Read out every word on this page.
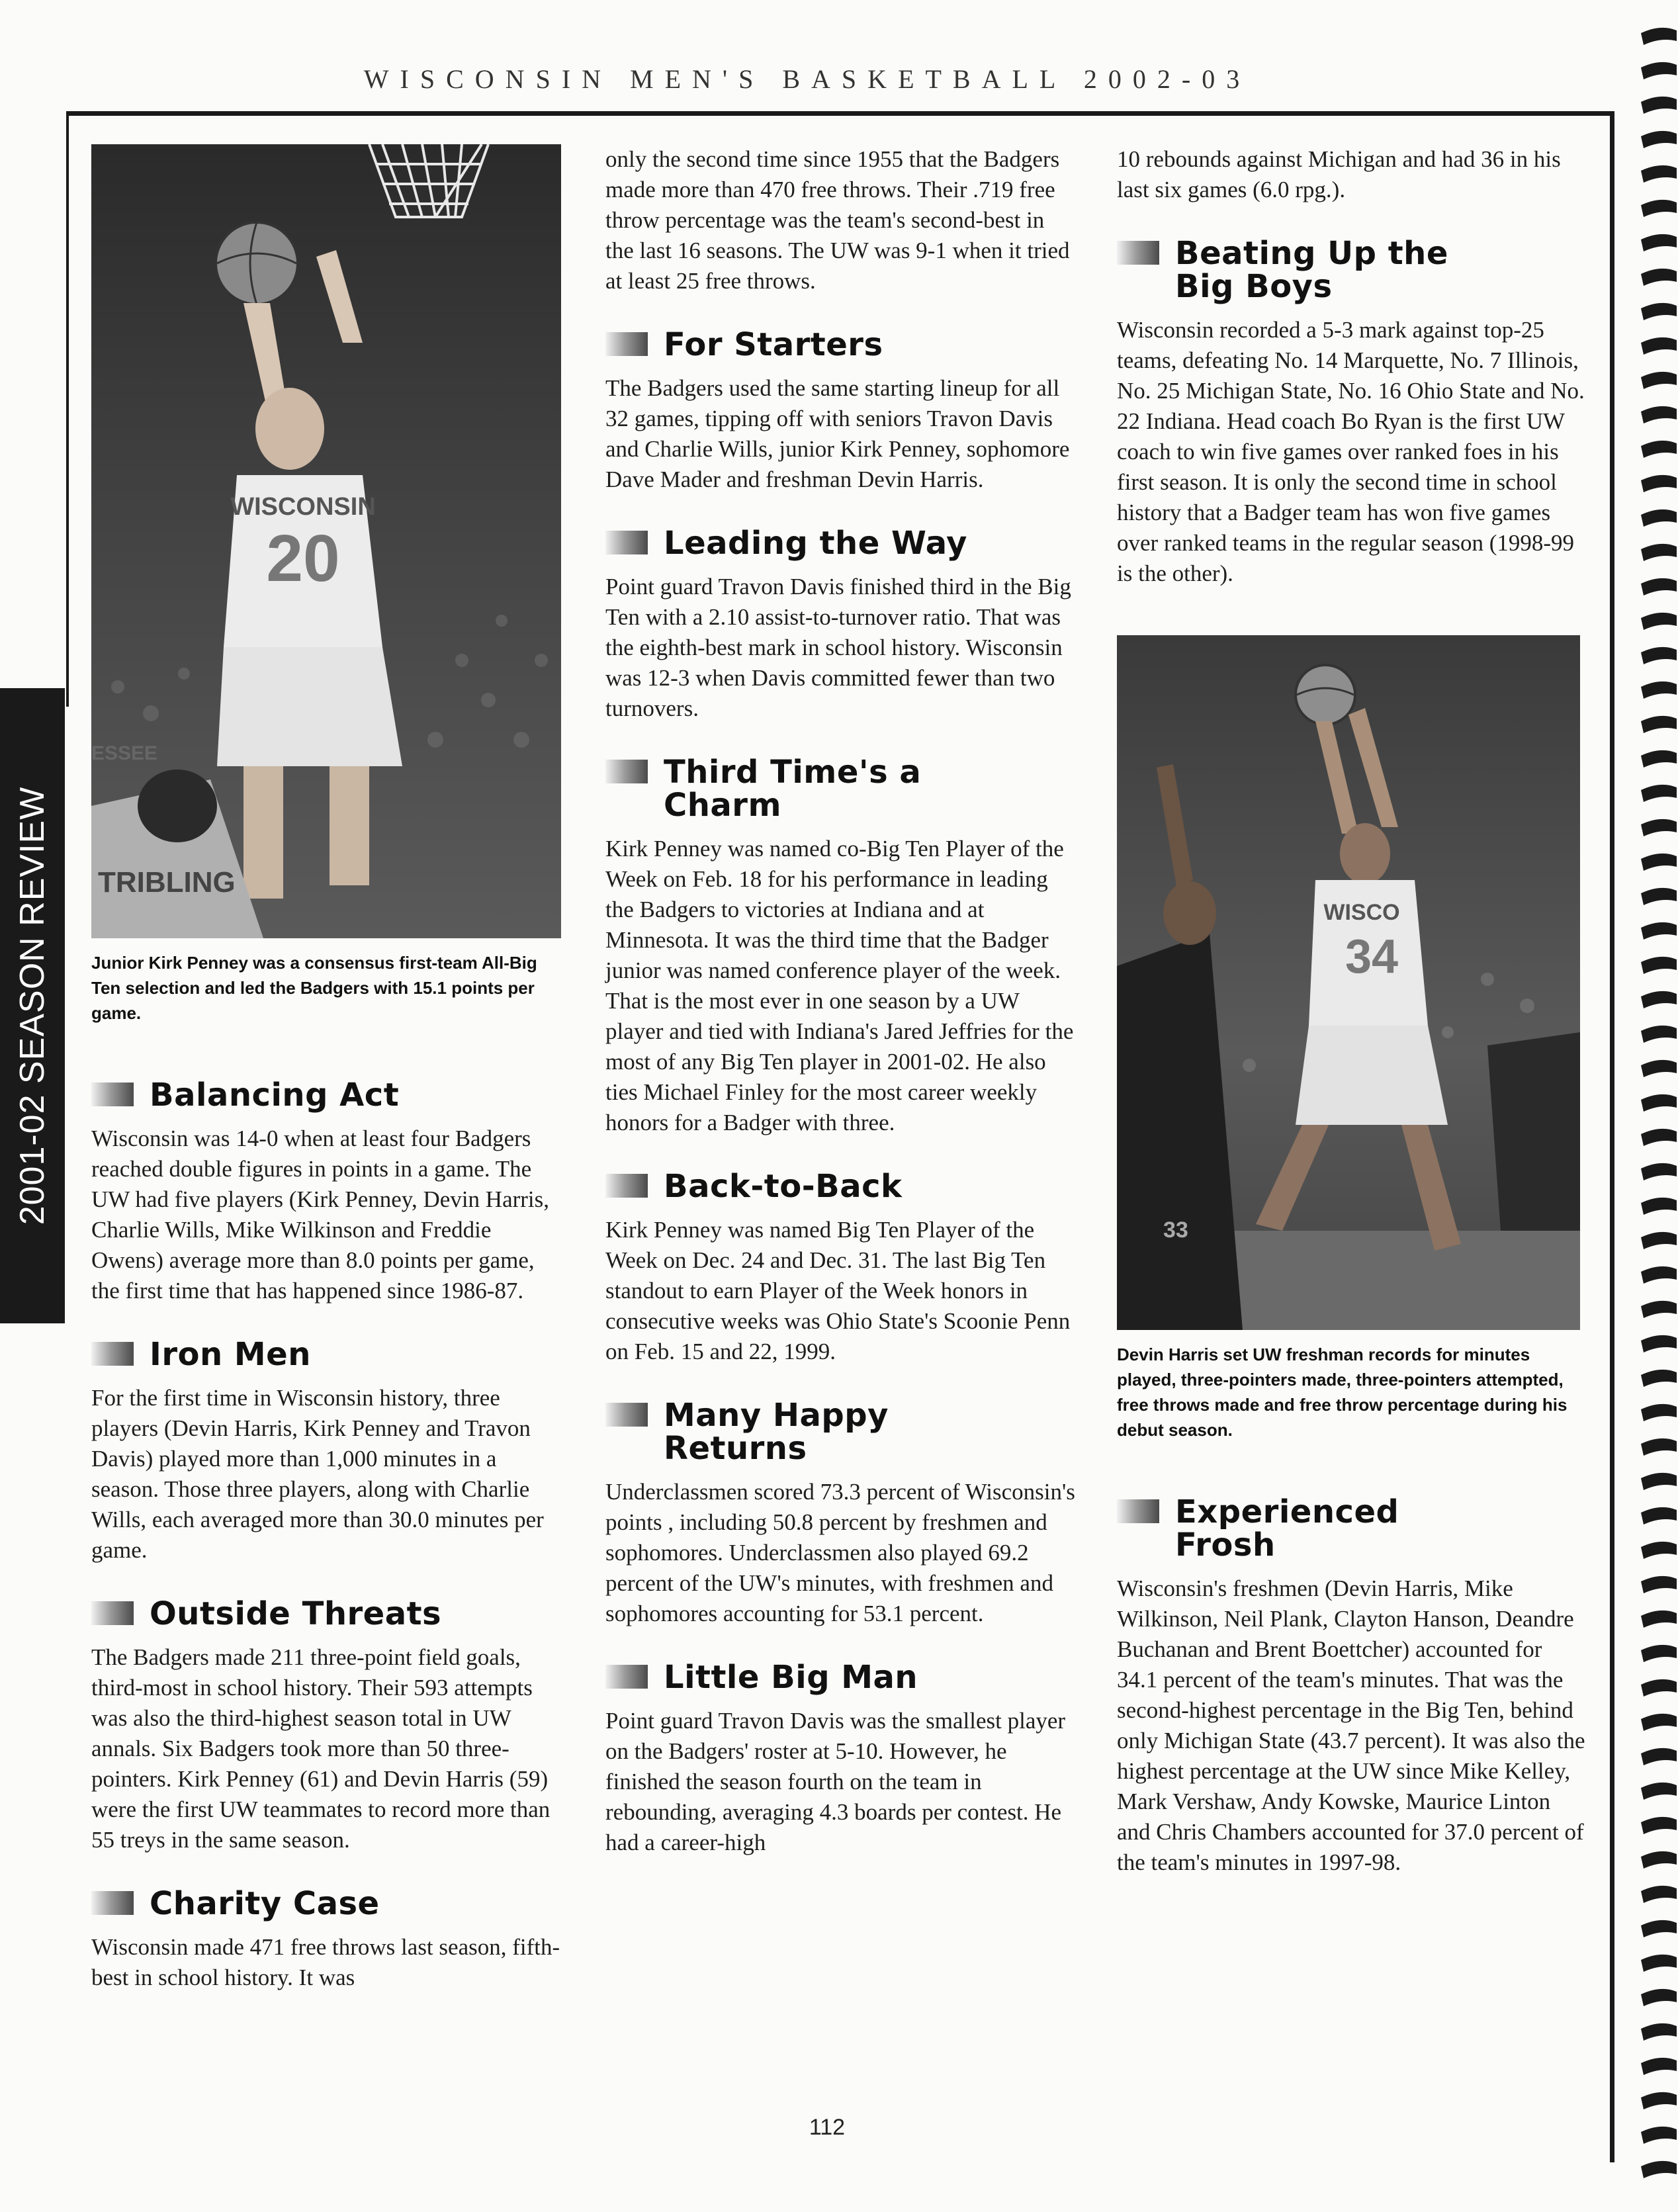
WISCONSIN MEN'S BASKETBALL 2002-03
2001-02 SEASON REVIEW
WISCONSIN
20
TRIBLING
ESSEE

Junior Kirk Penney was a consensus first-team All-Big Ten selection and led the Badgers with 15.1 points per game.

Balancing Act

Wisconsin was 14-0 when at least four Badgers reached double figures in points in a game. The UW had five players (Kirk Penney, Devin Harris, Charlie Wills, Mike Wilkinson and Freddie Owens) average more than 8.0 points per game, the first time that has happened since 1986-87.

Iron Men

For the first time in Wisconsin history, three players (Devin Harris, Kirk Penney and Travon Davis) played more than 1,000 minutes in a season. Those three players, along with Charlie Wills, each averaged more than 30.0 minutes per game.

Outside Threats

The Badgers made 211 three-point field goals, third-most in school history. Their 593 attempts was also the third-highest season total in UW annals. Six Badgers took more than 50 three-pointers. Kirk Penney (61) and Devin Harris (59) were the first UW teammates to record more than 55 treys in the same season.

Charity Case

Wisconsin made 471 free throws last season, fifth-best in school history. It was

only the second time since 1955 that the Badgers made more than 470 free throws. Their .719 free throw percentage was the team's second-best in the last 16 seasons. The UW was 9-1 when it tried at least 25 free throws.

For Starters

The Badgers used the same starting lineup for all 32 games, tipping off with seniors Travon Davis and Charlie Wills, junior Kirk Penney, sophomore Dave Mader and freshman Devin Harris.

Leading the Way

Point guard Travon Davis finished third in the Big Ten with a 2.10 assist-to-turnover ratio. That was the eighth-best mark in school history. Wisconsin was 12-3 when Davis committed fewer than two turnovers.

Third Time's a Charm

Kirk Penney was named co-Big Ten Player of the Week on Feb. 18 for his performance in leading the Badgers to victories at Indiana and at Minnesota. It was the third time that the Badger junior was named conference player of the week. That is the most ever in one season by a UW player and tied with Indiana's Jared Jeffries for the most of any Big Ten player in 2001-02. He also ties Michael Finley for the most career weekly honors for a Badger with three.

Back-to-Back

Kirk Penney was named Big Ten Player of the Week on Dec. 24 and Dec. 31. The last Big Ten standout to earn Player of the Week honors in consecutive weeks was Ohio State's Scoonie Penn on Feb. 15 and 22, 1999.

Many Happy Returns

Underclassmen scored 73.3 percent of Wisconsin's points , including 50.8 percent by freshmen and sophomores. Underclassmen also played 69.2 percent of the UW's minutes, with freshmen and sophomores accounting for 53.1 percent.

Little Big Man

Point guard Travon Davis was the smallest player on the Badgers' roster at 5-10. However, he finished the season fourth on the team in rebounding, averaging 4.3 boards per contest. He had a career-high

10 rebounds against Michigan and had 36 in his last six games (6.0 rpg.).

Beating Up the Big Boys

Wisconsin recorded a 5-3 mark against top-25 teams, defeating No. 14 Marquette, No. 7 Illinois, No. 25 Michigan State, No. 16 Ohio State and No. 22 Indiana. Head coach Bo Ryan is the first UW coach to win five games over ranked foes in his first season. It is only the second time in school history that a Badger team has won five games over ranked teams in the regular season (1998-99 is the other).

WISCO
34
33

Devin Harris set UW freshman records for minutes played, three-pointers made, three-pointers attempted, free throws made and free throw percentage during his debut season.

Experienced Frosh

Wisconsin's freshmen (Devin Harris, Mike Wilkinson, Neil Plank, Clayton Hanson, Deandre Buchanan and Brent Boettcher) accounted for 34.1 percent of the team's minutes. That was the second-highest percentage in the Big Ten, behind only Michigan State (43.7 percent). It was also the highest percentage at the UW since Mike Kelley, Mark Vershaw, Andy Kowske, Maurice Linton and Chris Chambers accounted for 37.0 percent of the team's minutes in 1997-98.

112
